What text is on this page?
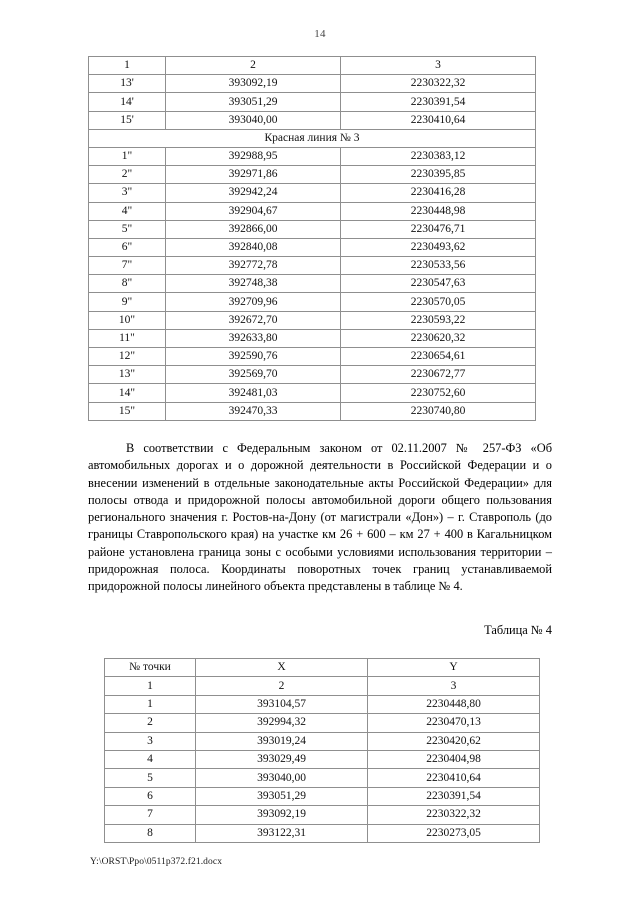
14
1	2	3
13'	393092,19	2230322,32
14'	393051,29	2230391,54
15'	393040,00	2230410,64
Красная линия № 3		
1"	392988,95	2230383,12
2"	392971,86	2230395,85
3"	392942,24	2230416,28
4"	392904,67	2230448,98
5"	392866,00	2230476,71
6"	392840,08	2230493,62
7"	392772,78	2230533,56
8"	392748,38	2230547,63
9"	392709,96	2230570,05
10"	392672,70	2230593,22
11"	392633,80	2230620,32
12"	392590,76	2230654,61
13"	392569,70	2230672,77
14"	392481,03	2230752,60
15"	392470,33	2230740,80
В соответствии с Федеральным законом от 02.11.2007 № 257-ФЗ «Об автомобильных дорогах и о дорожной деятельности в Российской Федерации и о внесении изменений в отдельные законодательные акты Российской Федерации» для полосы отвода и придорожной полосы автомобильной дороги общего пользования регионального значения г. Ростов-на-Дону (от магистрали «Дон») – г. Ставрополь (до границы Ставропольского края) на участке км 26 + 600 – км 27 + 400 в Кагальницком районе установлена граница зоны с особыми условиями использования территории – придорожная полоса. Координаты поворотных точек границ устанавливаемой придорожной полосы линейного объекта представлены в таблице № 4.
Таблица № 4
№ точки	X	Y
1	2	3
1	393104,57	2230448,80
2	392994,32	2230470,13
3	393019,24	2230420,62
4	393029,49	2230404,98
5	393040,00	2230410,64
6	393051,29	2230391,54
7	393092,19	2230322,32
8	393122,31	2230273,05
Y:\ORST\Ppo\0511p372.f21.docx
